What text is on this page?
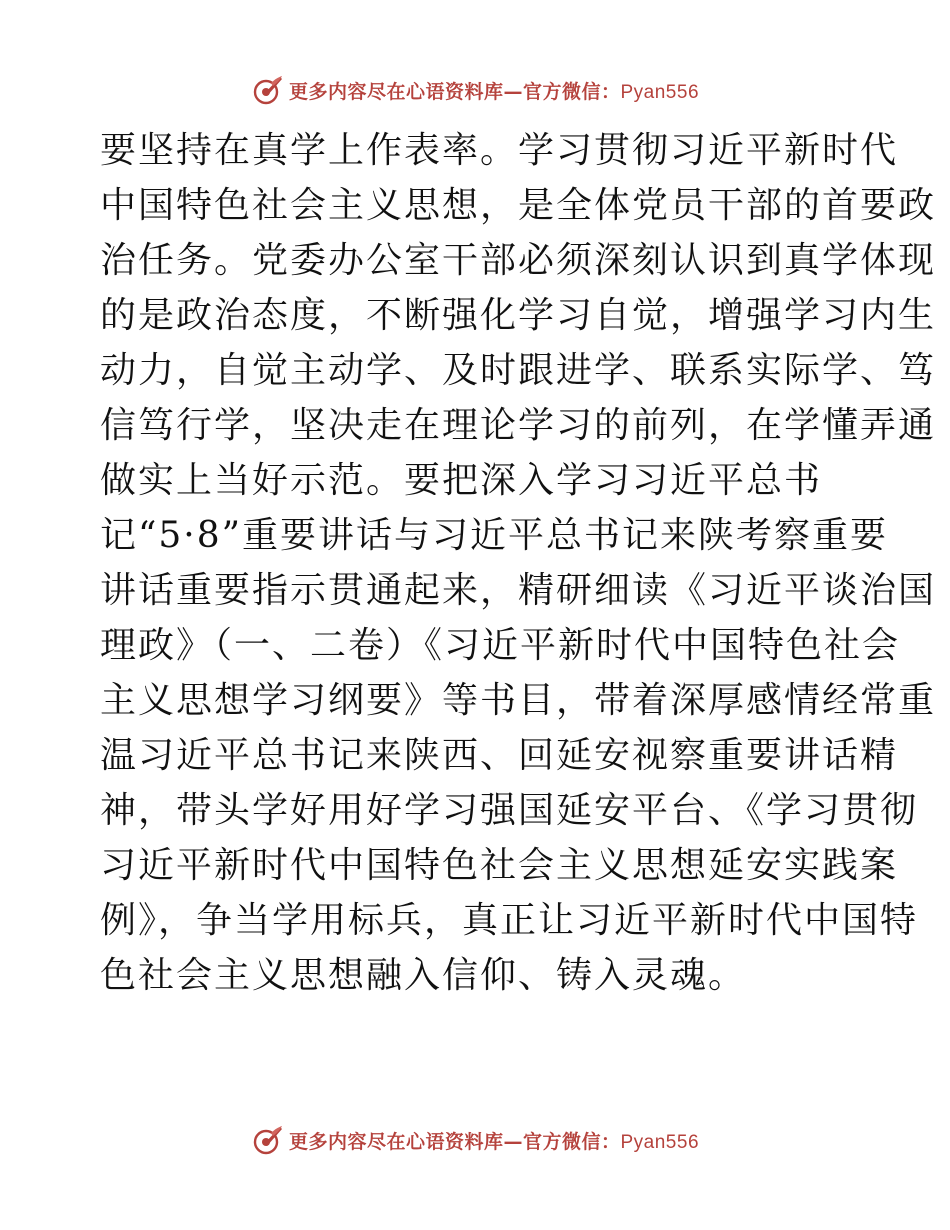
更多内容尽在心语资料库—官方微信：Pyan556
要坚持在真学上作表率。学习贯彻习近平新时代
中国特色社会主义思想，是全体党员干部的首要政
治任务。党委办公室干部必须深刻认识到真学体现
的是政治态度，不断强化学习自觉，增强学习内生
动力，自觉主动学、及时跟进学、联系实际学、笃
信笃行学，坚决走在理论学习的前列，在学懂弄通
做实上当好示范。要把深入学习习近平总书
记“5·8”重要讲话与习近平总书记来陕考察重要
讲话重要指示贯通起来，精研细读《习近平谈治国
理政》（一、二卷）《习近平新时代中国特色社会
主义思想学习纲要》等书目，带着深厚感情经常重
温习近平总书记来陕西、回延安视察重要讲话精
神，带头学好用好学习强国延安平台、《学习贯彻
习近平新时代中国特色社会主义思想延安实践案
例》，争当学用标兵，真正让习近平新时代中国特
色社会主义思想融入信仰、铸入灵魂。
更多内容尽在心语资料库—官方微信：Pyan556
